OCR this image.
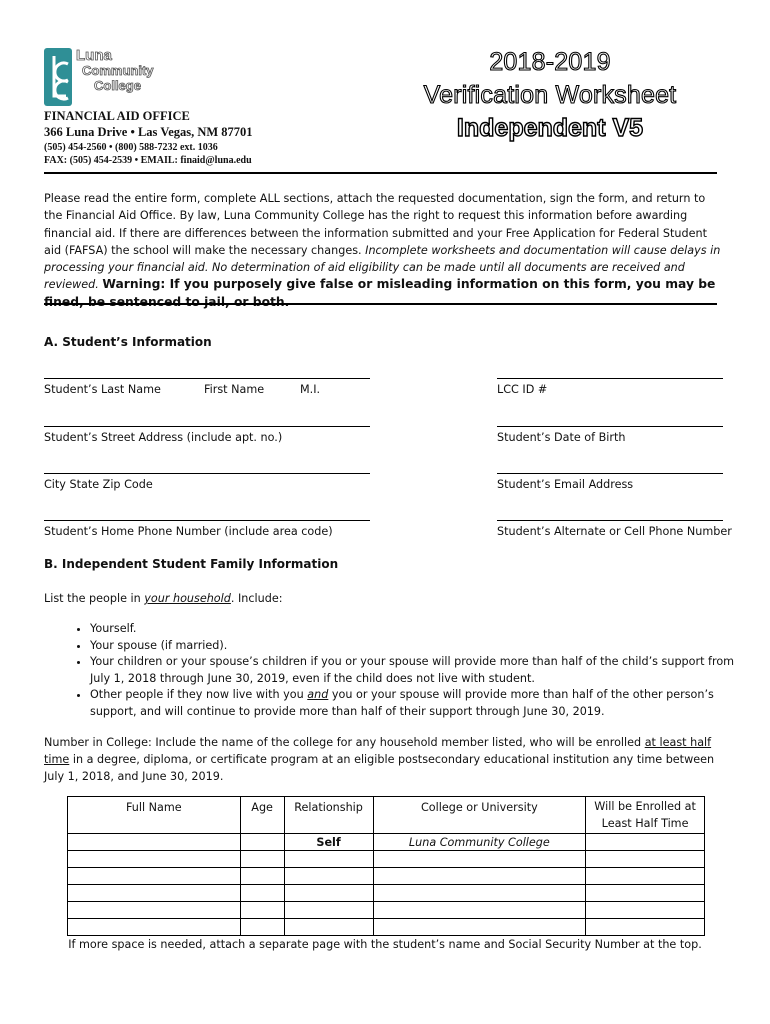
Luna
Community
College
FINANCIAL AID OFFICE
366 Luna Drive • Las Vegas, NM 87701
(505) 454-2560 • (800) 588-7232 ext. 1036
FAX: (505) 454-2539 • EMAIL: finaid@luna.edu
2018-2019
Verification Worksheet
Independent V5
Please read the entire form, complete ALL sections, attach the requested documentation, sign the form, and return to the Financial Aid Office. By law, Luna Community College has the right to request this information before awarding financial aid. If there are differences between the information submitted and your Free Application for Federal Student aid (FAFSA) the school will make the necessary changes. Incomplete worksheets and documentation will cause delays in processing your financial aid. No determination of aid eligibility can be made until all documents are received and reviewed. Warning: If you purposely give false or misleading information on this form, you may be fined, be sentenced to jail, or both.
A. Student’s Information
Student’s Last Name	First Name	M.I.	LCC ID #
Student’s Street Address (include apt. no.)	Student’s Date of Birth
City State Zip Code	Student’s Email Address
Student’s Home Phone Number (include area code)	Student’s Alternate or Cell Phone Number
B. Independent Student Family Information
List the people in your household. Include:
• Yourself.
• Your spouse (if married).
• Your children or your spouse’s children if you or your spouse will provide more than half of the child’s support from July 1, 2018 through June 30, 2019, even if the child does not live with student.
• Other people if they now live with you and you or your spouse will provide more than half of the other person’s support, and will continue to provide more than half of their support through June 30, 2019.
Number in College: Include the name of the college for any household member listed, who will be enrolled at least half time in a degree, diploma, or certificate program at an eligible postsecondary educational institution any time between July 1, 2018, and June 30, 2019.
Full Name	Age	Relationship	College or University	Will be Enrolled at Least Half Time
		Self	Luna Community College	

If more space is needed, attach a separate page with the student’s name and Social Security Number at the top.
